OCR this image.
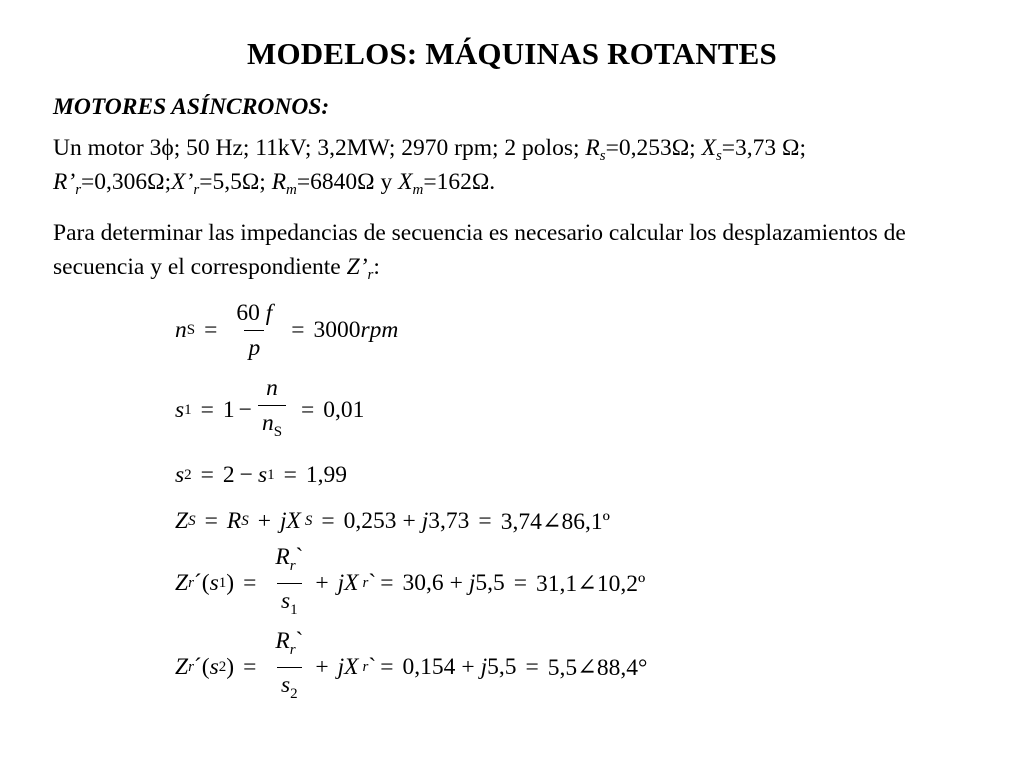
MODELOS: MÁQUINAS ROTANTES
MOTORES ASÍNCRONOS:
Un motor 3ϕ; 50 Hz; 11kV; 3,2MW; 2970 rpm; 2 polos; $R_s=0,253\Omega$; $X_s=3,73$ Ω;
$R’_r=0,306\Omega;X’_r=5,5\Omega$; $R_m=6840\Omega$ y $X_m=162\Omega$.
Para determinar las impedancias de secuencia es necesario calcular los desplazamientos de secuencia y el correspondiente $Z’_r$:
n $S = \frac{60 f}{p} = 3000$ rpm
s $1 = 1 - \frac{n}{n_S} = 0,01$
s 2 = 2 − s 1 = 1,99
Z S = R S + jX S = 0,253 + j 3,73 = 3,74∠86,1º
Z r ´( s 1 ) = $\frac{R_r`}{s_1}$ + jX r ` = 30,6 + j 5,5 = 31,1∠10,2º
Z r ´( s 2 ) = $\frac{R_r`}{s_2}$ + jX r ` = 0,154 + j 5,5 = 5,5∠88,4°
